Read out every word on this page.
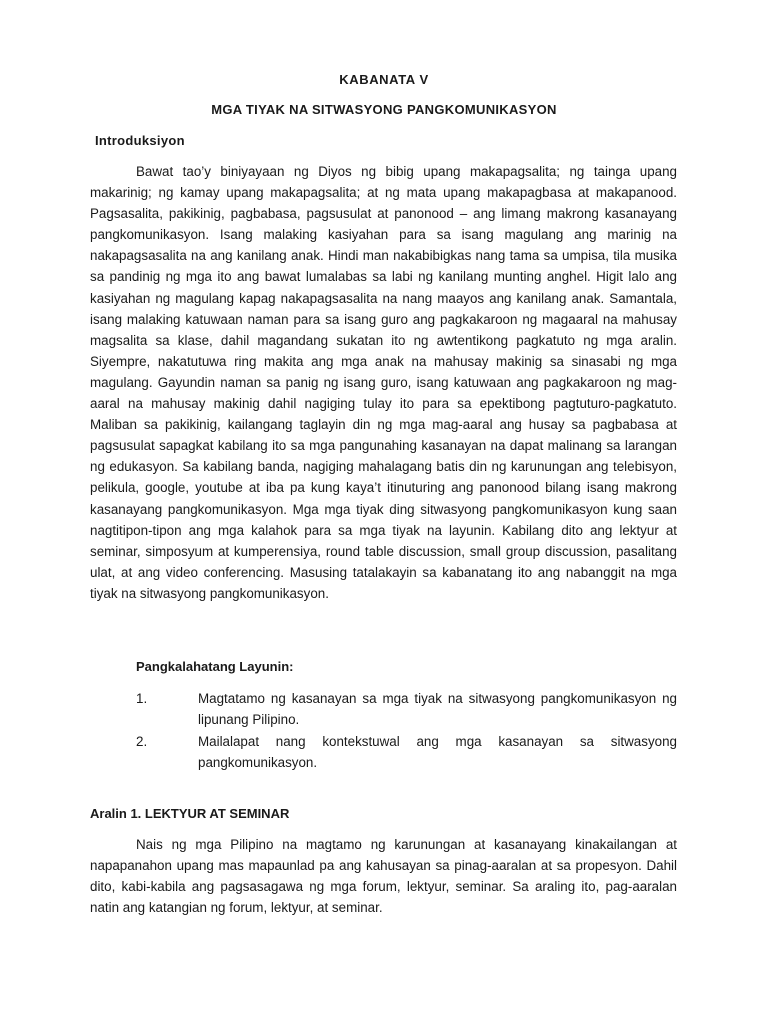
KABANATA V
MGA TIYAK NA SITWASYONG PANGKOMUNIKASYON
Introduksiyon

Bawat tao’y biniyayaan ng Diyos ng bibig upang makapagsalita; ng tainga upang makarinig; ng kamay upang makapagsalita; at ng mata upang makapagbasa at makapanood. Pagsasalita, pakikinig, pagbabasa, pagsusulat at panonood – ang limang makrong kasanayang pangkomunikasyon. Isang malaking kasiyahan para sa isang magulang ang marinig na nakapagsasalita na ang kanilang anak. Hindi man nakabibigkas nang tama sa umpisa, tila musika sa pandinig ng mga ito ang bawat lumalabas sa labi ng kanilang munting anghel. Higit lalo ang kasiyahan ng magulang kapag nakapagsasalita na nang maayos ang kanilang anak. Samantala, isang malaking katuwaan naman para sa isang guro ang pagkakaroon ng magaaral na mahusay magsalita sa klase, dahil magandang sukatan ito ng awtentikong pagkatuto ng mga aralin. Siyempre, nakatutuwa ring makita ang mga anak na mahusay makinig sa sinasabi ng mga magulang. Gayundin naman sa panig ng isang guro, isang katuwaan ang pagkakaroon ng mag-aaral na mahusay makinig dahil nagiging tulay ito para sa epektibong pagtuturo-pagkatuto. Maliban sa pakikinig, kailangang taglayin din ng mga mag-aaral ang husay sa pagbabasa at pagsusulat sapagkat kabilang ito sa mga pangunahing kasanayan na dapat malinang sa larangan ng edukasyon. Sa kabilang banda, nagiging mahalagang batis din ng karunungan ang telebisyon, pelikula, google, youtube at iba pa kung kaya’t itinuturing ang panonood bilang isang makrong kasanayang pangkomunikasyon. Mga mga tiyak ding sitwasyong pangkomunikasyon kung saan nagtitipon-tipon ang mga kalahok para sa mga tiyak na layunin. Kabilang dito ang lektyur at seminar, simposyum at kumperensiya, round table discussion, small group discussion, pasalitang ulat, at ang video conferencing. Masusing tatalakayin sa kabanatang ito ang nabanggit na mga tiyak na sitwasyong pangkomunikasyon.

Pangkalahatang Layunin:
1.	Magtatamo ng kasanayan sa mga tiyak na sitwasyong pangkomunikasyon ng lipunang Pilipino.
2.	Mailalapat nang kontekstuwal ang mga kasanayan sa sitwasyong pangkomunikasyon.
Aralin 1. LEKTYUR AT SEMINAR

Nais ng mga Pilipino na magtamo ng karunungan at kasanayang kinakailangan at napapanahon upang mas mapaunlad pa ang kahusayan sa pinag-aaralan at sa propesyon. Dahil dito, kabi-kabila ang pagsasagawa ng mga forum, lektyur, seminar. Sa araling ito, pag-aaralan natin ang katangian ng forum, lektyur, at seminar.
